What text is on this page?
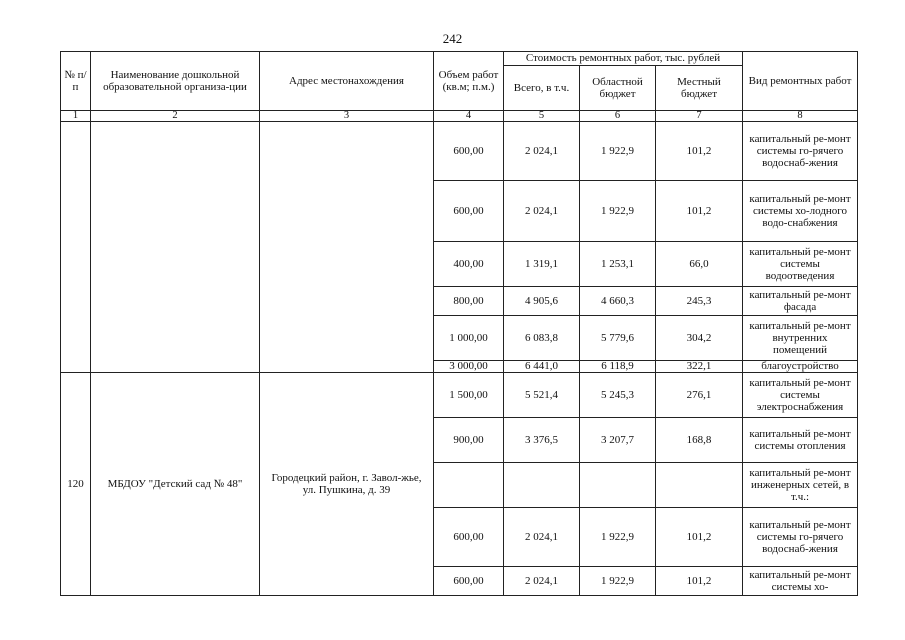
242
№ п/п	Наименование дошкольной образовательной организа-ции	Адрес местонахождения	Объем работ (кв.м; п.м.)	Стоимость ремонтных работ, тыс. рублей			Вид ремонтных работ
				Всего, в т.ч.	Областной бюджет	Местный бюджет	
1	2	3	4	5	6	7	8
			600,00	2 024,1	1 922,9	101,2	капитальный ре-монт системы го-рячего водоснаб-жения
			600,00	2 024,1	1 922,9	101,2	капитальный ре-монт системы хо-лодного водо-снабжения
			400,00	1 319,1	1 253,1	66,0	капитальный ре-монт системы водоотведения
			800,00	4 905,6	4 660,3	245,3	капитальный ре-монт фасада
			1 000,00	6 083,8	5 779,6	304,2	капитальный ре-монт внутренних помещений
			3 000,00	6 441,0	6 118,9	322,1	благоустройство
120	МБДОУ "Детский сад № 48"	Городецкий район, г. Завол-жье, ул. Пушкина, д. 39	1 500,00	5 521,4	5 245,3	276,1	капитальный ре-монт системы электроснабжения
			900,00	3 376,5	3 207,7	168,8	капитальный ре-монт системы отопления
							капитальный ре-монт инженерных сетей, в т.ч.:
			600,00	2 024,1	1 922,9	101,2	капитальный ре-монт системы го-рячего водоснаб-жения
			600,00	2 024,1	1 922,9	101,2	капитальный ре-монт системы хо-
